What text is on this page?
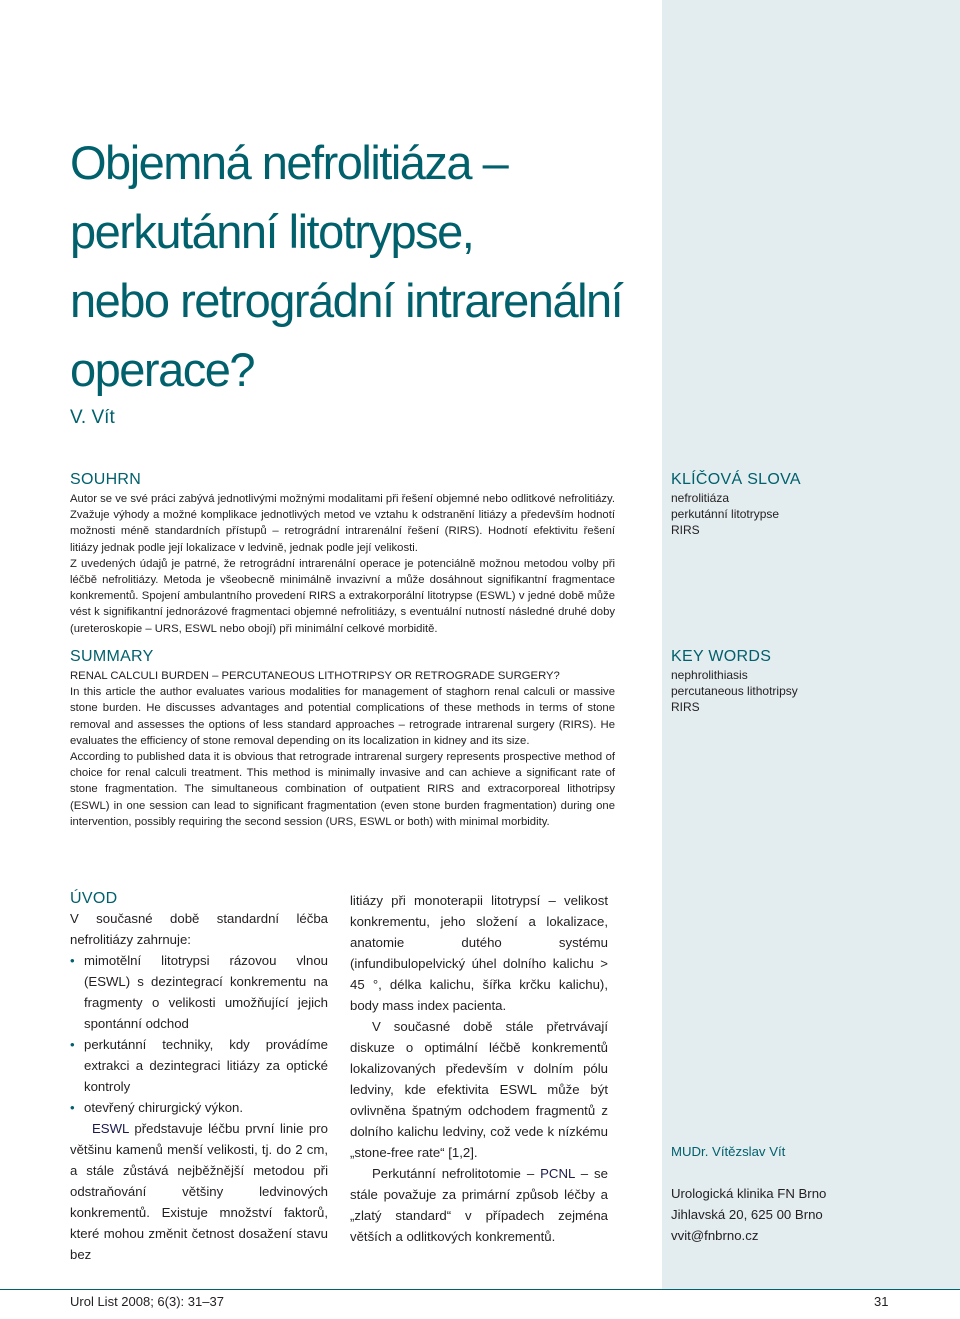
Objemná nefrolitiáza –
perkutánní litotrypse,
nebo retrográdní intrarenální
operace?
V. Vít
SOUHRN

Autor se ve své práci zabývá jednotlivými možnými modalitami při řešení objemné nebo odlitkové nefrolitiázy. Zvažuje výhody a možné komplikace jednotlivých metod ve vztahu k odstranění litiázy a především hodnotí možnosti méně standardních přístupů – retrográdní intrarenální řešení (RIRS). Hodnotí efektivitu řešení litiázy jednak podle její lokalizace v ledvině, jednak podle její velikosti.

Z uvedených údajů je patrné, že retrográdní intrarenální operace je potenciálně možnou metodou volby při léčbě nefrolitiázy. Metoda je všeobecně minimálně invazivní a může dosáhnout signifikantní fragmentace konkrementů. Spojení ambulantního provedení RIRS a extrakorporální litotrypse (ESWL) v jedné době může vést k signifikantní jednorázové fragmentaci objemné nefrolitiázy, s eventuální nutností následné druhé doby (ureteroskopie – URS, ESWL nebo obojí) při minimální celkové morbiditě.

SUMMARY
RENAL CALCULI BURDEN – PERCUTANEOUS LITHOTRIPSY OR RETROGRADE SURGERY?

In this article the author evaluates various modalities for management of staghorn renal calculi or massive stone burden. He discusses advantages and potential complications of these methods in terms of stone removal and assesses the options of less standard approaches – retrograde intrarenal surgery (RIRS). He evaluates the efficiency of stone removal depending on its localization in kidney and its size.

According to published data it is obvious that retrograde intrarenal surgery represents prospective method of choice for renal calculi treatment. This method is minimally invasive and can achieve a significant rate of stone fragmentation. The simultaneous combination of outpatient RIRS and extracorporeal lithotripsy (ESWL) in one session can lead to significant fragmentation (even stone burden fragmentation) during one intervention, possibly requiring the second session (URS, ESWL or both) with minimal morbidity.

KLÍČOVÁ SLOVA
nefrolitiáza
perkutánní litotrypse
RIRS
KEY WORDS
nephrolithiasis
percutaneous lithotripsy
RIRS
ÚVOD

V současné době standardní léčba nefrolitiázy zahrnuje:

• mimotělní litotrypsi rázovou vlnou (ESWL) s dezintegrací konkrementu na fragmenty o velikosti umožňující jejich spontánní odchod
• perkutánní techniky, kdy provádíme extrakci a dezintegraci litiázy za optické kontroly
• otevřený chirurgický výkon.

ESWL představuje léčbu první linie pro většinu kamenů menší velikosti, tj. do 2 cm, a stále zůstává nejběžnější metodou při odstraňování většiny ledvinových konkrementů. Existuje množství faktorů, které mohou změnit četnost dosažení stavu bez

litiázy při monoterapii litotrypsí – velikost konkrementu, jeho složení a lokalizace, anatomie dutého systému (infundibulopelvický úhel dolního kalichu > 45 °, délka kalichu, šířka krčku kalichu), body mass index pacienta.

V současné době stále přetrvávají diskuze o optimální léčbě konkrementů lokalizovaných především v dolním pólu ledviny, kde efektivita ESWL může být ovlivněna špatným odchodem fragmentů z dolního kalichu ledviny, což vede k nízkému „stone-free rate“ [1,2].

Perkutánní nefrolitotomie – PCNL – se stále považuje za primární způsob léčby a „zlatý standard“ v případech zejména větších a odlitkových konkrementů.

MUDr. Vítězslav Vít
Urologická klinika FN Brno
Jihlavská 20, 625 00 Brno
vvit@fnbrno.cz
Urol List 2008; 6(3): 31–37	31
